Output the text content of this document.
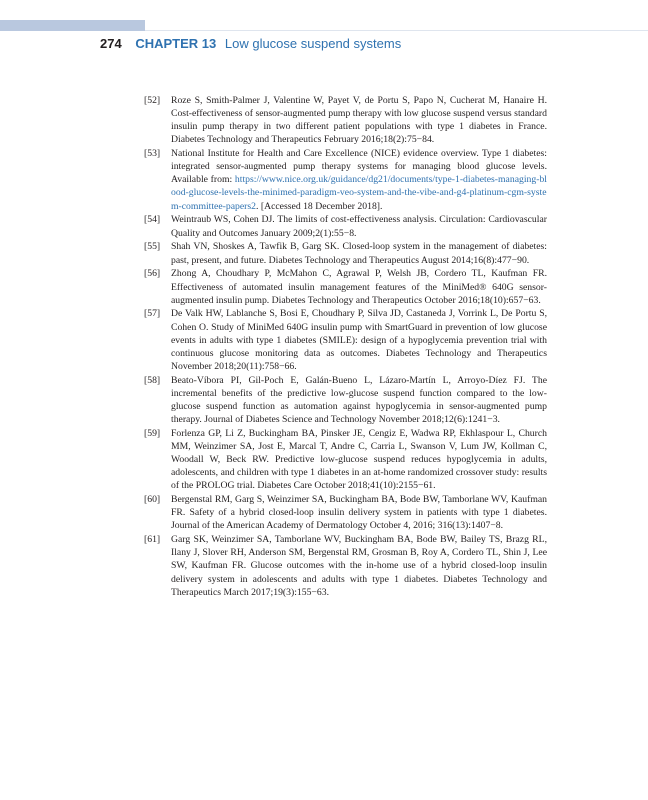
274 CHAPTER 13 Low glucose suspend systems
[52]	Roze S, Smith-Palmer J, Valentine W, Payet V, de Portu S, Papo N, Cucherat M, Hanaire H. Cost-effectiveness of sensor-augmented pump therapy with low glucose suspend versus standard insulin pump therapy in two different patient populations with type 1 diabetes in France. Diabetes Technology and Therapeutics February 2016;18(2):75−84.
[53]	National Institute for Health and Care Excellence (NICE) evidence overview. Type 1 diabetes: integrated sensor-augmented pump therapy systems for managing blood glucose levels. Available from: https://www.nice.org.uk/guidance/dg21/documents/type-1-diabetes-managing-blood-glucose-levels-the-minimed-paradigm-veo-system-and-the-vibe-and-g4-platinum-cgm-system-committee-papers2. [Accessed 18 December 2018].
[54]	Weintraub WS, Cohen DJ. The limits of cost-effectiveness analysis. Circulation: Cardiovascular Quality and Outcomes January 2009;2(1):55−8.
[55]	Shah VN, Shoskes A, Tawfik B, Garg SK. Closed-loop system in the management of diabetes: past, present, and future. Diabetes Technology and Therapeutics August 2014;16(8):477−90.
[56]	Zhong A, Choudhary P, McMahon C, Agrawal P, Welsh JB, Cordero TL, Kaufman FR. Effectiveness of automated insulin management features of the MiniMed® 640G sensor-augmented insulin pump. Diabetes Technology and Therapeutics October 2016;18(10):657−63.
[57]	De Valk HW, Lablanche S, Bosi E, Choudhary P, Silva JD, Castaneda J, Vorrink L, De Portu S, Cohen O. Study of MiniMed 640G insulin pump with SmartGuard in prevention of low glucose events in adults with type 1 diabetes (SMILE): design of a hypoglycemia prevention trial with continuous glucose monitoring data as outcomes. Diabetes Technology and Therapeutics November 2018;20(11):758−66.
[58]	Beato-Víbora PI, Gil-Poch E, Galán-Bueno L, Lázaro-Martín L, Arroyo-Díez FJ. The incremental benefits of the predictive low-glucose suspend function compared to the low-glucose suspend function as automation against hypoglycemia in sensor-augmented pump therapy. Journal of Diabetes Science and Technology November 2018;12(6):1241−3.
[59]	Forlenza GP, Li Z, Buckingham BA, Pinsker JE, Cengiz E, Wadwa RP, Ekhlaspour L, Church MM, Weinzimer SA, Jost E, Marcal T, Andre C, Carria L, Swanson V, Lum JW, Kollman C, Woodall W, Beck RW. Predictive low-glucose suspend reduces hypoglycemia in adults, adolescents, and children with type 1 diabetes in an at-home randomized crossover study: results of the PROLOG trial. Diabetes Care October 2018;41(10):2155−61.
[60]	Bergenstal RM, Garg S, Weinzimer SA, Buckingham BA, Bode BW, Tamborlane WV, Kaufman FR. Safety of a hybrid closed-loop insulin delivery system in patients with type 1 diabetes. Journal of the American Academy of Dermatology October 4, 2016; 316(13):1407−8.
[61]	Garg SK, Weinzimer SA, Tamborlane WV, Buckingham BA, Bode BW, Bailey TS, Brazg RL, Ilany J, Slover RH, Anderson SM, Bergenstal RM, Grosman B, Roy A, Cordero TL, Shin J, Lee SW, Kaufman FR. Glucose outcomes with the in-home use of a hybrid closed-loop insulin delivery system in adolescents and adults with type 1 diabetes. Diabetes Technology and Therapeutics March 2017;19(3):155−63.
